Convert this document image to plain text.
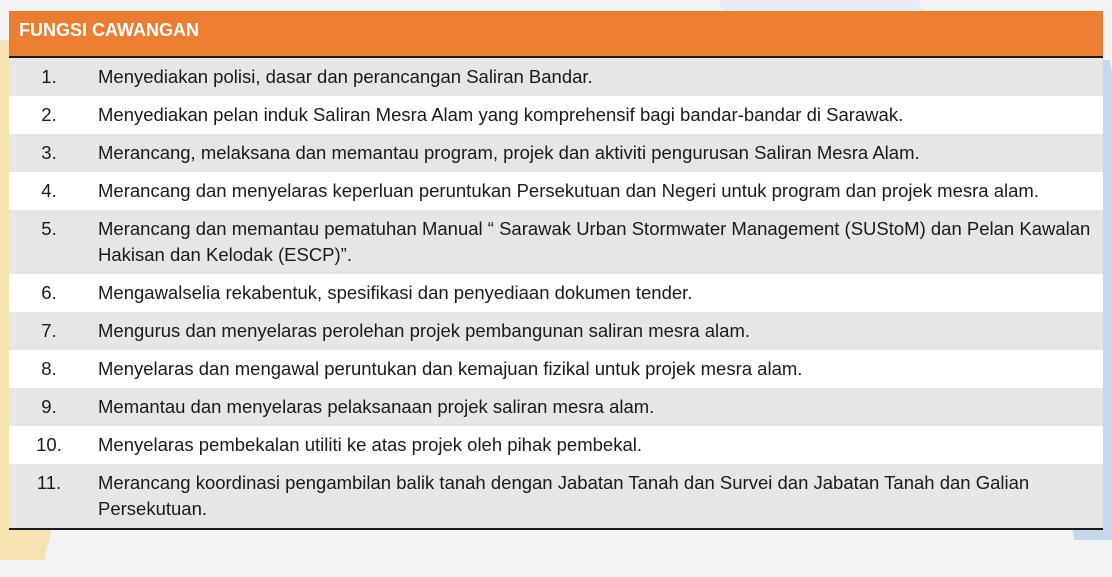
FUNGSI CAWANGAN
1.	Menyediakan polisi, dasar dan perancangan Saliran Bandar.
2.	Menyediakan pelan induk Saliran Mesra Alam yang komprehensif bagi bandar-bandar di Sarawak.
3.	Merancang, melaksana dan memantau program, projek dan aktiviti pengurusan Saliran Mesra Alam.
4.	Merancang dan menyelaras keperluan peruntukan Persekutuan dan Negeri untuk program dan projek mesra alam.
5.	Merancang dan memantau pematuhan Manual “ Sarawak Urban Stormwater Management (SUStoM) dan Pelan Kawalan Hakisan dan Kelodak (ESCP)”.
6.	Mengawalselia rekabentuk, spesifikasi dan penyediaan dokumen tender.
7.	Mengurus dan menyelaras perolehan projek pembangunan saliran mesra alam.
8.	Menyelaras dan mengawal peruntukan dan kemajuan fizikal untuk projek mesra alam.
9.	Memantau dan menyelaras pelaksanaan projek saliran mesra alam.
10.	Menyelaras pembekalan utiliti ke atas projek oleh pihak pembekal.
11.	Merancang koordinasi pengambilan balik tanah dengan Jabatan Tanah dan Survei dan Jabatan Tanah dan Galian Persekutuan.
